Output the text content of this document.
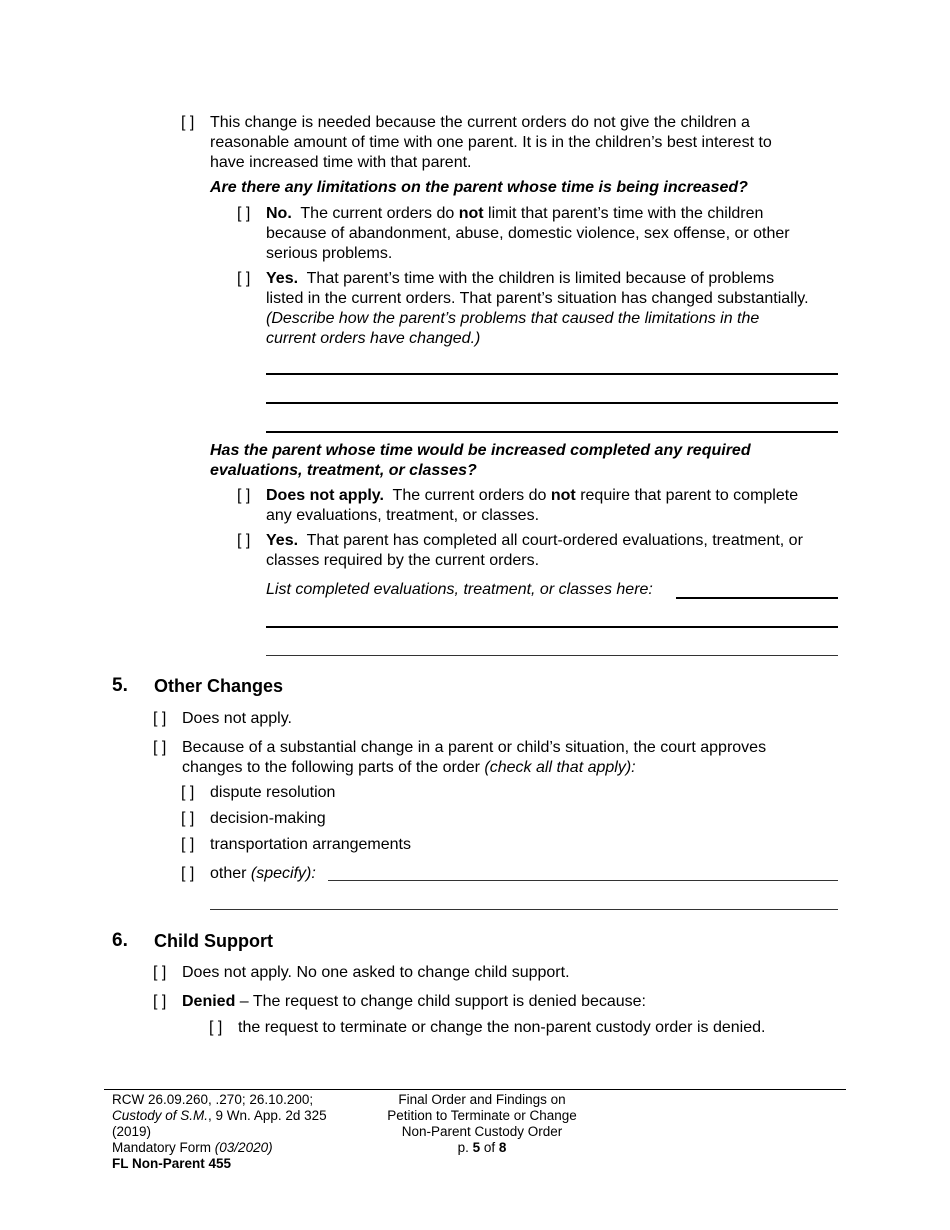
[ ] This change is needed because the current orders do not give the children a
reasonable amount of time with one parent. It is in the children’s best interest to
have increased time with that parent.
Are there any limitations on the parent whose time is being increased?
[ ] No. The current orders do not limit that parent’s time with the children
because of abandonment, abuse, domestic violence, sex offense, or other
serious problems.
[ ] Yes. That parent’s time with the children is limited because of problems
listed in the current orders. That parent’s situation has changed substantially.
(Describe how the parent’s problems that caused the limitations in the
current orders have changed.)
Has the parent whose time would be increased completed any required
evaluations, treatment, or classes?
[ ] Does not apply. The current orders do not require that parent to complete
any evaluations, treatment, or classes.
[ ] Yes. That parent has completed all court-ordered evaluations, treatment, or
classes required by the current orders.
List completed evaluations, treatment, or classes here:
5. Other Changes
[ ] Does not apply.
[ ] Because of a substantial change in a parent or child’s situation, the court approves
changes to the following parts of the order (check all that apply):
[ ] dispute resolution
[ ] decision-making
[ ] transportation arrangements
[ ] other (specify):
6. Child Support
[ ] Does not apply. No one asked to change child support.
[ ] Denied – The request to change child support is denied because:
[ ] the request to terminate or change the non-parent custody order is denied.
RCW 26.09.260, .270; 26.10.200;
Custody of S.M., 9 Wn. App. 2d 325
(2019)
Mandatory Form (03/2020)
FL Non-Parent 455
Final Order and Findings on
Petition to Terminate or Change
Non-Parent Custody Order
p. 5 of 8
